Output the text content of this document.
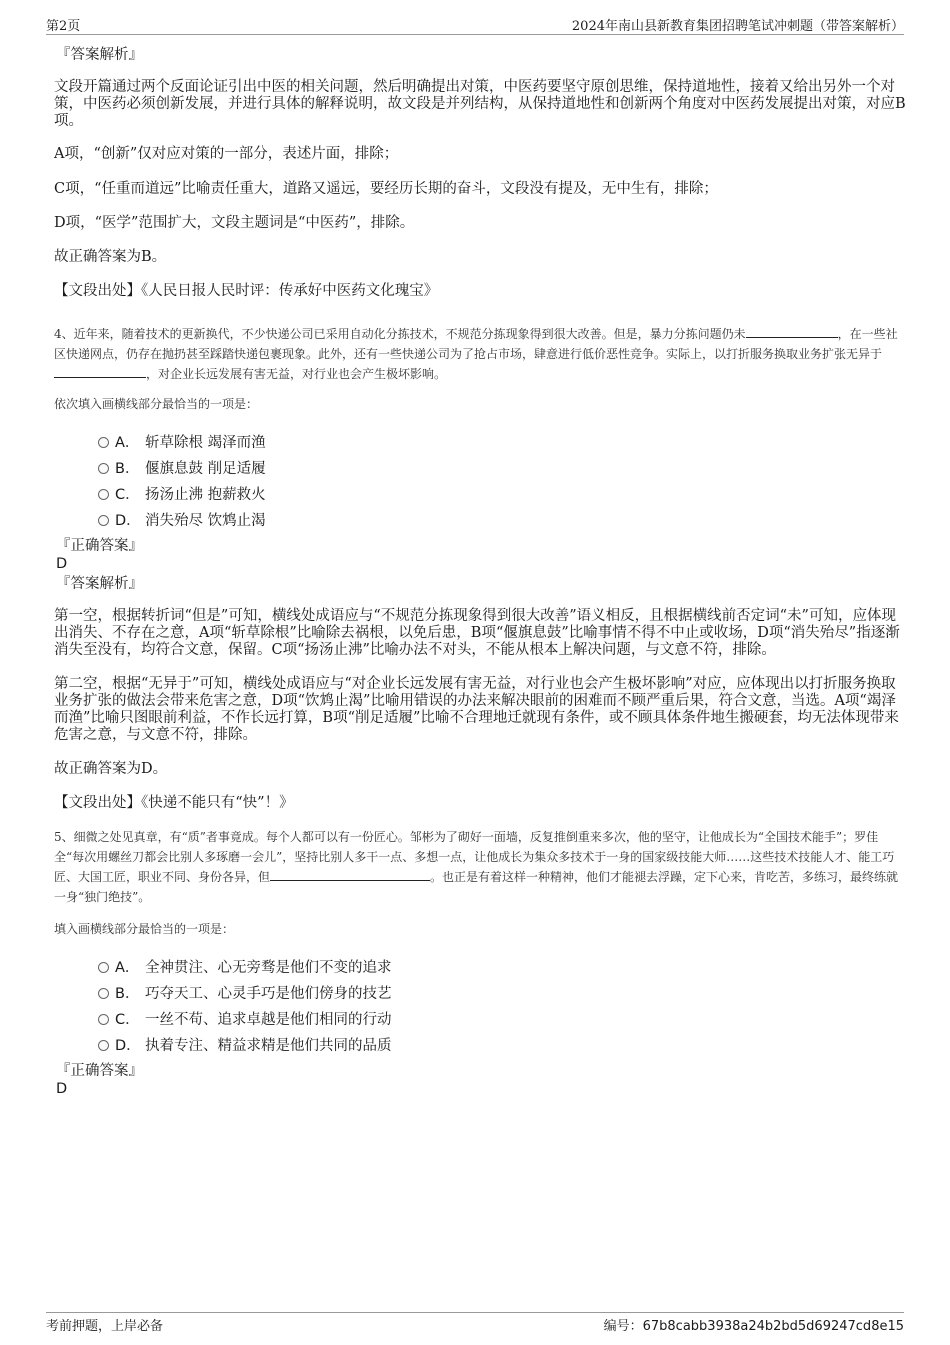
第2页	2024年南山县新教育集团招聘笔试冲刺题（带答案解析）

『答案解析』

文段开篇通过两个反面论证引出中医的相关问题，然后明确提出对策，中医药要坚守原创思维，保持道地性，接着又给出另外一个对策，中医药必须创新发展，并进行具体的解释说明，故文段是并列结构，从保持道地性和创新两个角度对中医药发展提出对策，对应B项。

A项，“创新”仅对应对策的一部分，表述片面，排除；

C项，“任重而道远”比喻责任重大，道路又遥远，要经历长期的奋斗，文段没有提及，无中生有，排除；

D项，“医学”范围扩大，文段主题词是“中医药”，排除。

故正确答案为B。

【文段出处】《人民日报人民时评：传承好中医药文化瑰宝》

4、近年来，随着技术的更新换代，不少快递公司已采用自动化分拣技术，不规范分拣现象得到很大改善。但是，暴力分拣问题仍未	，在一些社区快递网点，仍存在抛扔甚至踩踏快递包裹现象。此外，还有一些快递公司为了抢占市场，肆意进行低价恶性竞争。实际上，以打折服务换取业务扩张无异于，对企业长远发展有害无益，对行业也会产生极坏影响。

依次填入画横线部分最恰当的一项是：

A． 斩草除根 竭泽而渔
B． 偃旗息鼓 削足适履
C． 扬汤止沸 抱薪救火
D． 消失殆尽 饮鸩止渴

『正确答案』

D

『答案解析』

第一空，根据转折词“但是”可知，横线处成语应与“不规范分拣现象得到很大改善”语义相反，且根据横线前否定词“未”可知，应体现出消失、不存在之意，A项“斩草除根”比喻除去祸根，以免后患，B项“偃旗息鼓”比喻事情不得不中止或收场，D项“消失殆尽”指逐渐消失至没有，均符合文意，保留。C项“扬汤止沸”比喻办法不对头，不能从根本上解决问题，与文意不符，排除。

第二空，根据“无异于”可知，横线处成语应与“对企业长远发展有害无益，对行业也会产生极坏影响”对应，应体现出以打折服务换取业务扩张的做法会带来危害之意，D项“饮鸩止渴”比喻用错误的办法来解决眼前的困难而不顾严重后果，符合文意，当选。A项“竭泽而渔”比喻只图眼前利益，不作长远打算，B项“削足适履”比喻不合理地迁就现有条件，或不顾具体条件地生搬硬套，均无法体现带来危害之意，与文意不符，排除。

故正确答案为D。

【文段出处】《快递不能只有“快”！》

5、细微之处见真章，有“质”者事竟成。每个人都可以有一份匠心。邹彬为了砌好一面墙，反复推倒重来多次，他的坚守，让他成长为“全国技术能手”；罗佳全“每次用螺丝刀都会比别人多琢磨一会儿”，坚持比别人多干一点、多想一点，让他成长为集众多技术于一身的国家级技能大师……这些技术技能人才、能工巧匠、大国工匠，职业不同、身份各异，但	。也正是有着这样一种精神，他们才能褪去浮躁，定下心来，肯吃苦，多练习，最终练就一身“独门绝技”。

填入画横线部分最恰当的一项是：

A． 全神贯注、心无旁骛是他们不变的追求
B． 巧夺天工、心灵手巧是他们傍身的技艺
C． 一丝不苟、追求卓越是他们相同的行动
D． 执着专注、精益求精是他们共同的品质

『正确答案』

D

考前押题，上岸必备	编号：67b8cabb3938a24b2bd5d69247cd8e15
